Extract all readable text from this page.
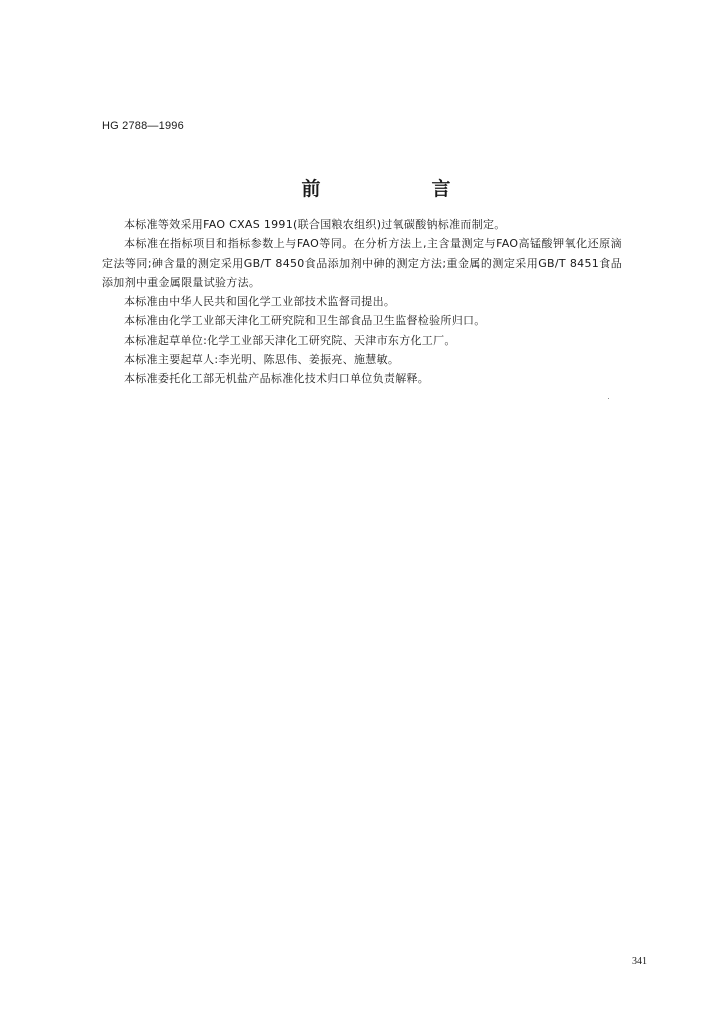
HG 2788—1996
前　言

本标准等效采用FAO CXAS 1991(联合国粮农组织)过氧碳酸钠标准而制定。

本标准在指标项目和指标参数上与FAO等同。在分析方法上,主含量测定与FAO高锰酸钾氧化还原滴定法等同;砷含量的测定采用GB/T 8450食品添加剂中砷的测定方法;重金属的测定采用GB/T 8451食品添加剂中重金属限量试验方法。

本标准由中华人民共和国化学工业部技术监督司提出。

本标准由化学工业部天津化工研究院和卫生部食品卫生监督检验所归口。

本标准起草单位:化学工业部天津化工研究院、天津市东方化工厂。

本标准主要起草人:李光明、陈思伟、姜振亮、施慧敏。

本标准委托化工部无机盐产品标准化技术归口单位负责解释。

341
